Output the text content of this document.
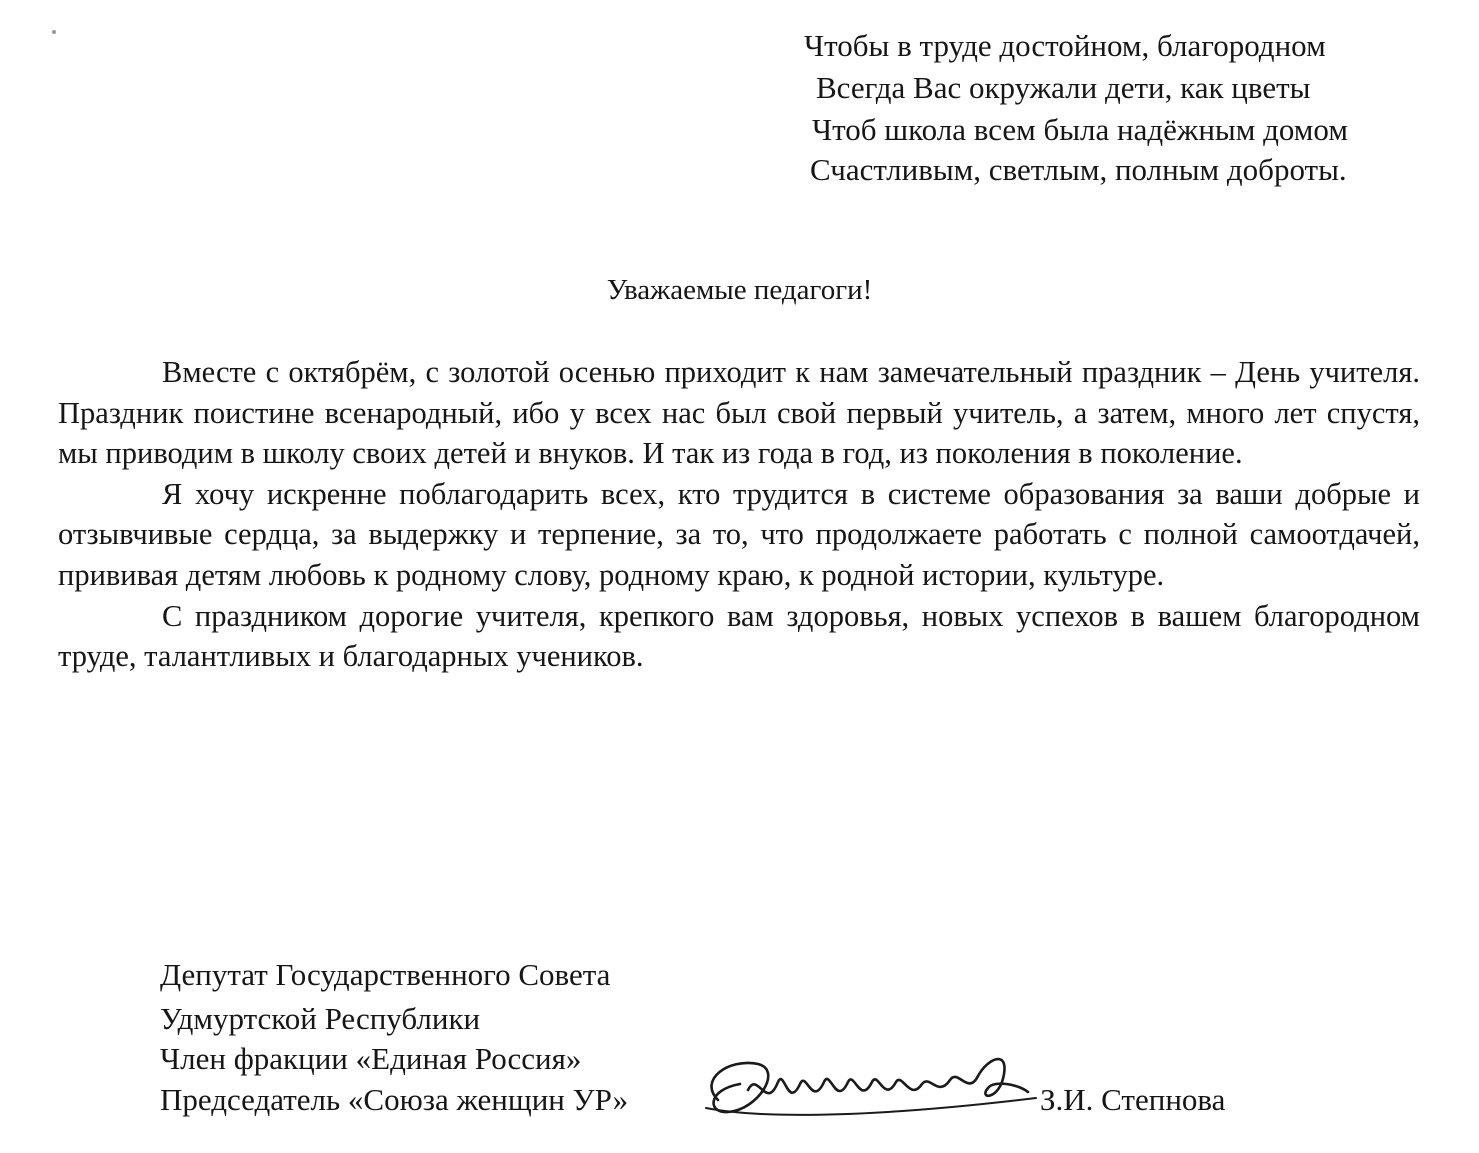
Чтобы в труде достойном, благородном
Всегда Вас окружали дети, как цветы
Чтоб школа всем была надёжным домом
Счастливым, светлым, полным доброты.
Уважаемые педагоги!

Вместе с октябрём, с золотой осенью приходит к нам замечательный праздник – День учителя. Праздник поистине всенародный, ибо у всех нас был свой первый учитель, а затем, много лет спустя, мы приводим в школу своих детей и внуков. И так из года в год, из поколения в поколение.

Я хочу искренне поблагодарить всех, кто трудится в системе образования за ваши добрые и отзывчивые сердца, за выдержку и терпение, за то, что продолжаете работать с полной самоотдачей, прививая детям любовь к родному слову, родному краю, к родной истории, культуре.

С праздником дорогие учителя, крепкого вам здоровья, новых успехов в вашем благородном труде, талантливых и благодарных учеников.

Депутат Государственного Совета
Удмуртской Республики
Член фракции «Единая Россия»
Председатель «Союза женщин УР»	З.И. Степнова
